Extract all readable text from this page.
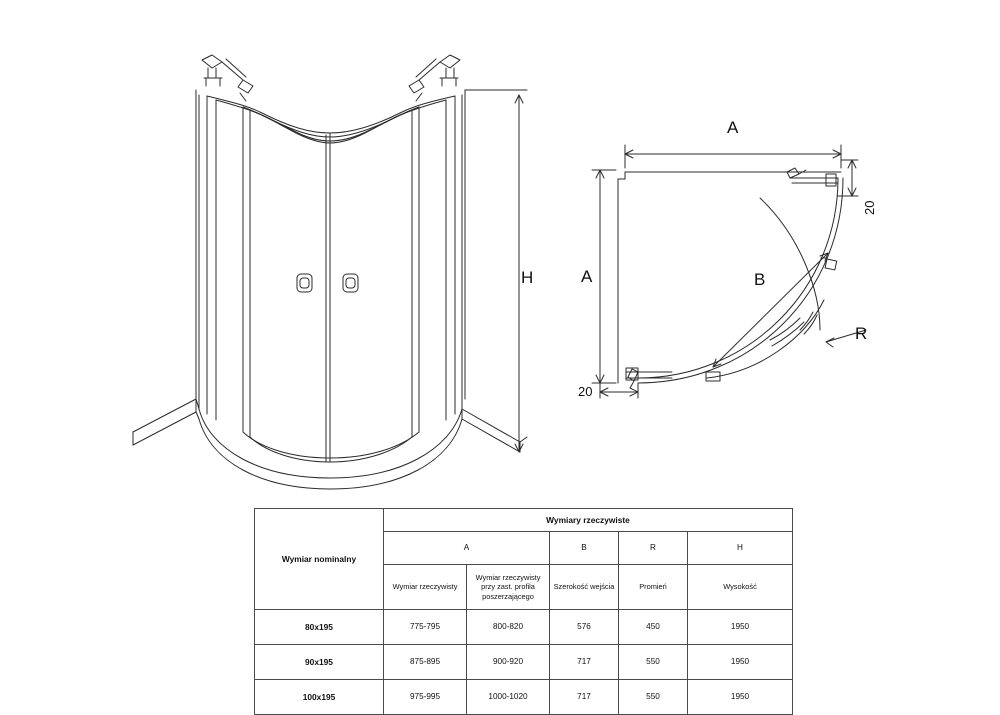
H
A
A	B
R
20
20
Wymiar nominalny	Wymiary rzeczywiste				
	A		B	R	H
	Wymiar rzeczywisty	Wymiar rzeczywisty przy zast. profila poszerzającego	Szerokość wejścia	Promień	Wysokość
80x195	775-795	800-820	576	450	1950
90x195	875-895	900-920	717	550	1950
100x195	975-995	1000-1020	717	550	1950
